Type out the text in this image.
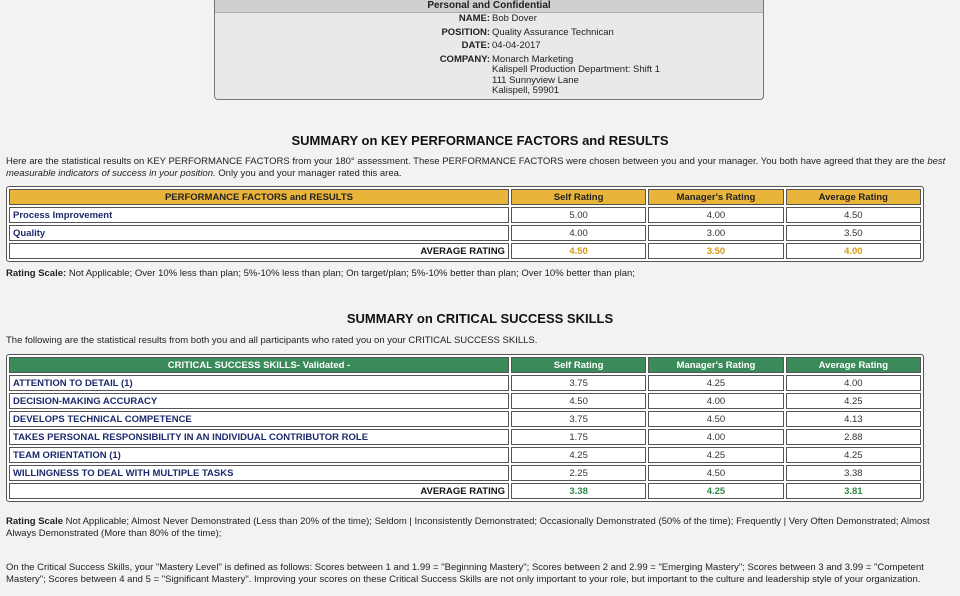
Personal and Confidential
NAME: Bob Dover
POSITION: Quality Assurance Technican
DATE: 04-04-2017
COMPANY: Monarch Marketing
Kalispell Production Department: Shift 1
111 Sunnyview Lane
Kalispell, 59901
SUMMARY on KEY PERFORMANCE FACTORS and RESULTS

Here are the statistical results on KEY PERFORMANCE FACTORS from your 180° assessment. These PERFORMANCE FACTORS were chosen between you and your manager. You both have agreed that they are the best measurable indicators of success in your position. Only you and your manager rated this area.

PERFORMANCE FACTORS and RESULTS	Self Rating	Manager's Rating	Average Rating
Process Improvement	5.00	4.00	4.50
Quality	4.00	3.00	3.50
AVERAGE RATING	4.50	3.50	4.00

Rating Scale: Not Applicable; Over 10% less than plan; 5%-10% less than plan; On target/plan; 5%-10% better than plan; Over 10% better than plan;

SUMMARY on CRITICAL SUCCESS SKILLS

The following are the statistical results from both you and all participants who rated you on your CRITICAL SUCCESS SKILLS.

CRITICAL SUCCESS SKILLS- Validated -	Self Rating	Manager's Rating	Average Rating
ATTENTION TO DETAIL (1)	3.75	4.25	4.00
DECISION-MAKING ACCURACY	4.50	4.00	4.25
DEVELOPS TECHNICAL COMPETENCE	3.75	4.50	4.13
TAKES PERSONAL RESPONSIBILITY IN AN INDIVIDUAL CONTRIBUTOR ROLE	1.75	4.00	2.88
TEAM ORIENTATION (1)	4.25	4.25	4.25
WILLINGNESS TO DEAL WITH MULTIPLE TASKS	2.25	4.50	3.38
AVERAGE RATING	3.38	4.25	3.81

Rating Scale Not Applicable; Almost Never Demonstrated (Less than 20% of the time); Seldom | Inconsistently Demonstrated; Occasionally Demonstrated (50% of the time); Frequently | Very Often Demonstrated; Almost Always Demonstrated (More than 80% of the time);

On the Critical Success Skills, your "Mastery Level" is defined as follows: Scores between 1 and 1.99 = "Beginning Mastery"; Scores between 2 and 2.99 = "Emerging Mastery"; Scores between 3 and 3.99 = "Competent Mastery"; Scores between 4 and 5 = "Significant Mastery". Improving your scores on these Critical Success Skills are not only important to your role, but important to the culture and leadership style of your organization.
